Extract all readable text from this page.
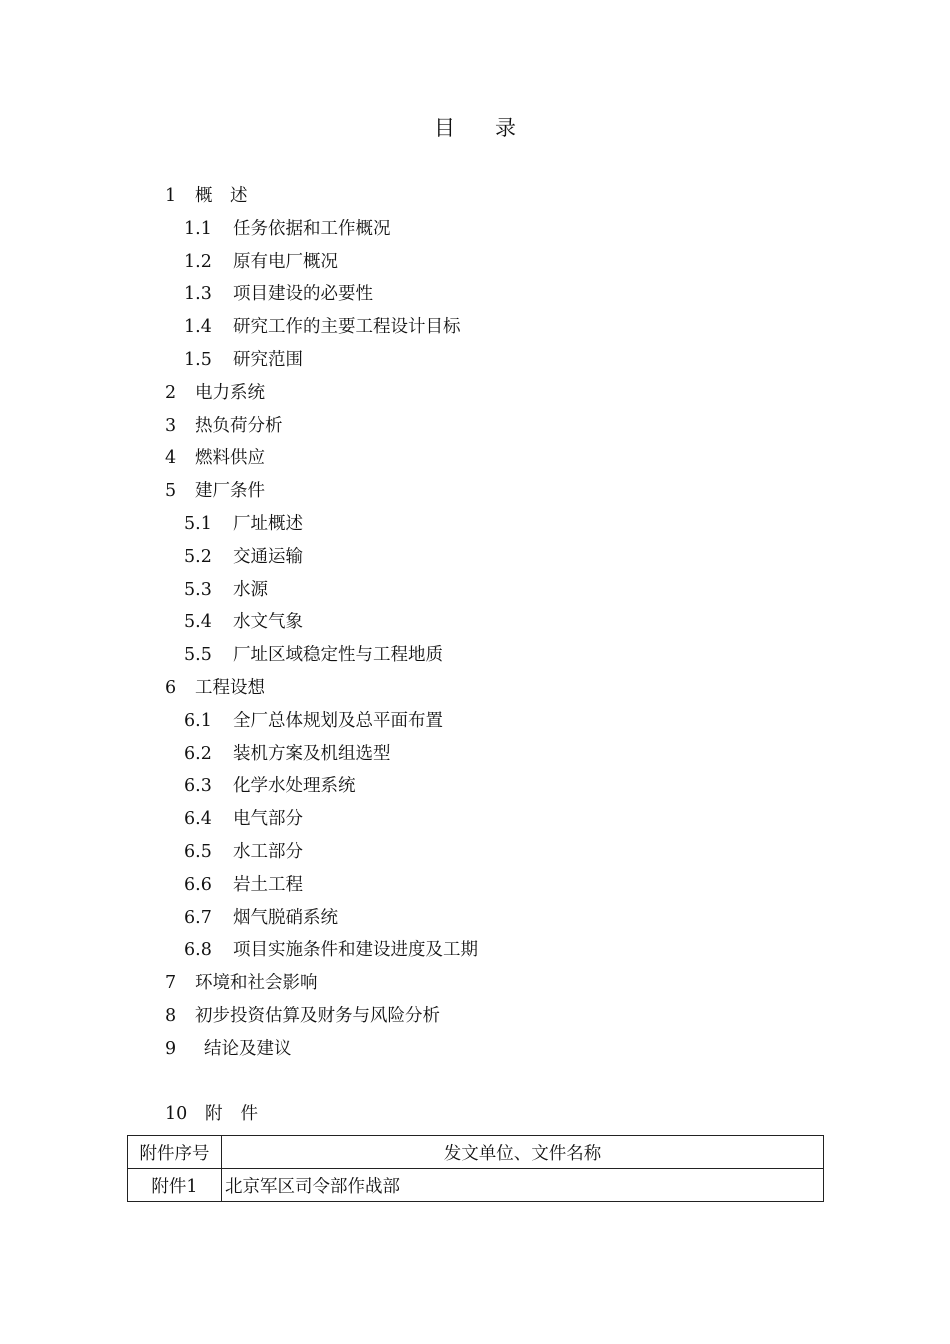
目 录
1 概　述
1.1 任务依据和工作概况
1.2 原有电厂概况
1.3 项目建设的必要性
1.4 研究工作的主要工程设计目标
1.5 研究范围
2 电力系统
3 热负荷分析
4 燃料供应
5 建厂条件
5.1 厂址概述
5.2 交通运输
5.3 水源
5.4 水文气象
5.5 厂址区域稳定性与工程地质
6 工程设想
6.1 全厂总体规划及总平面布置
6.2 装机方案及机组选型
6.3 化学水处理系统
6.4 电气部分
6.5 水工部分
6.6 岩土工程
6.7 烟气脱硝系统
6.8 项目实施条件和建设进度及工期
7 环境和社会影响
8 初步投资估算及财务与风险分析
9 结论及建议
10 附 件
附件序号	发文单位、文件名称
附件1	北京军区司令部作战部
